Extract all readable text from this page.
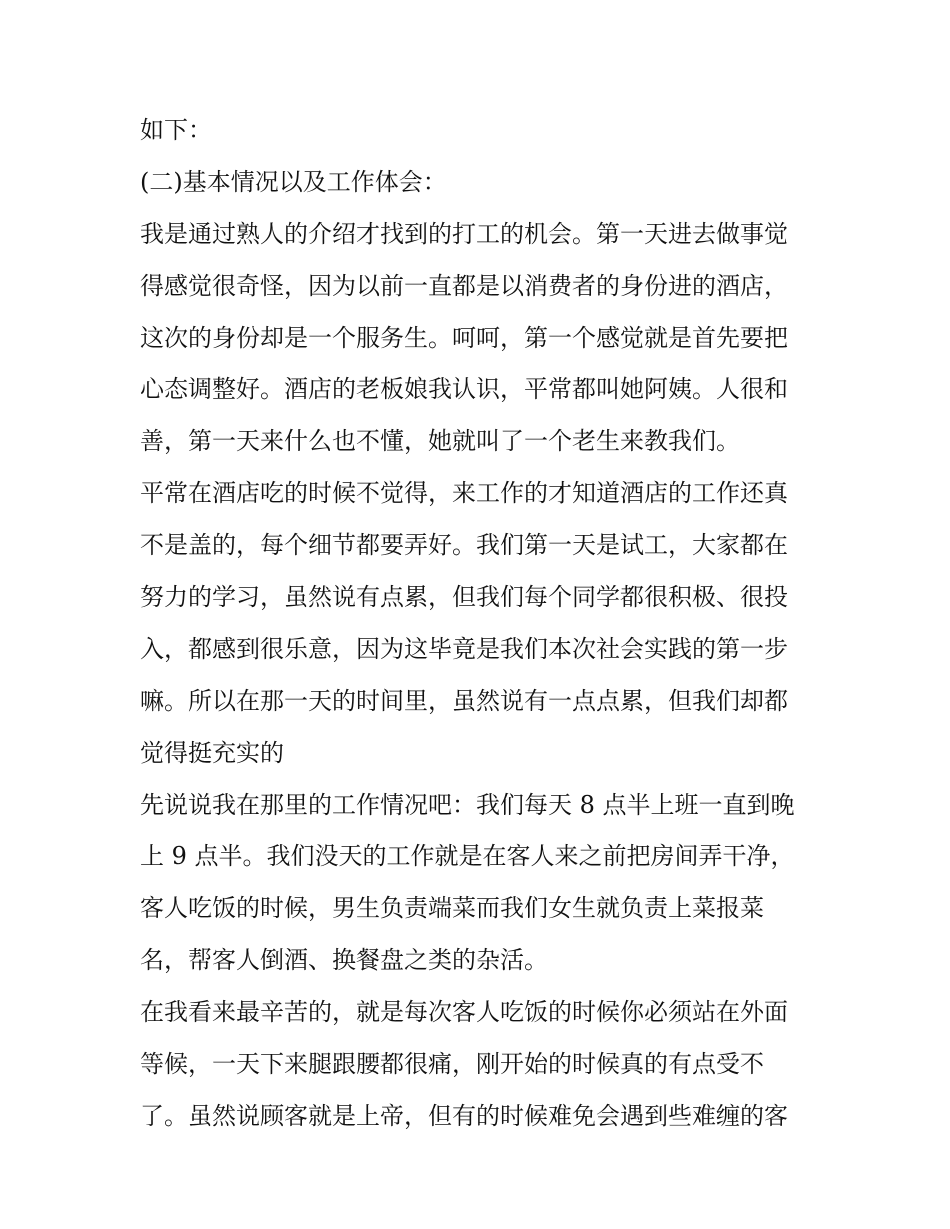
如下：
(二)基本情况以及工作体会：
我是通过熟人的介绍才找到的打工的机会。第一天进去做事觉
得感觉很奇怪，因为以前一直都是以消费者的身份进的酒店，
这次的身份却是一个服务生。呵呵，第一个感觉就是首先要把
心态调整好。酒店的老板娘我认识，平常都叫她阿姨。人很和
善，第一天来什么也不懂，她就叫了一个老生来教我们。
平常在酒店吃的时候不觉得，来工作的才知道酒店的工作还真
不是盖的，每个细节都要弄好。我们第一天是试工，大家都在
努力的学习，虽然说有点累，但我们每个同学都很积极、很投
入，都感到很乐意，因为这毕竟是我们本次社会实践的第一步
嘛。所以在那一天的时间里，虽然说有一点点累，但我们却都
觉得挺充实的
先说说我在那里的工作情况吧：我们每天 8 点半上班一直到晚
上 9 点半。我们没天的工作就是在客人来之前把房间弄干净，
客人吃饭的时候，男生负责端菜而我们女生就负责上菜报菜
名，帮客人倒酒、换餐盘之类的杂活。
在我看来最辛苦的，就是每次客人吃饭的时候你必须站在外面
等候，一天下来腿跟腰都很痛，刚开始的时候真的有点受不
了。虽然说顾客就是上帝，但有的时候难免会遇到些难缠的客
